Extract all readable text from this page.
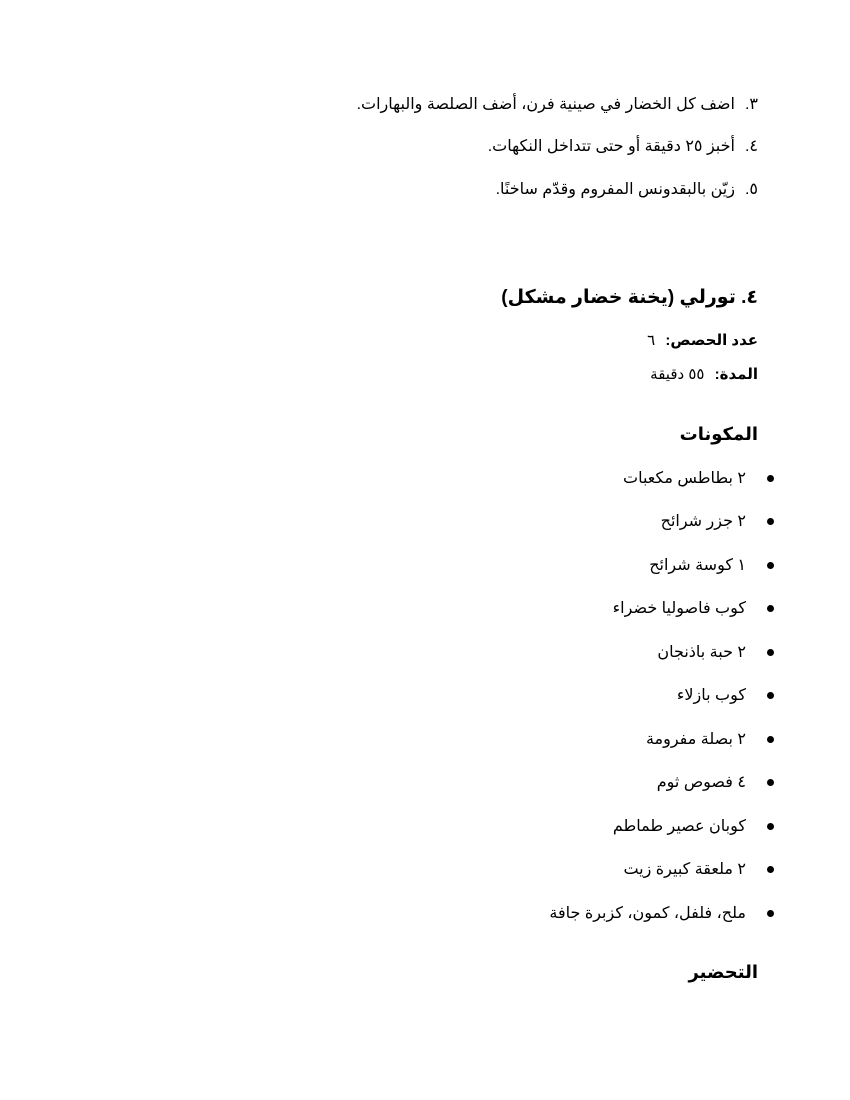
٣.
اضف كل الخضار في صينية فرن، أضف الصلصة والبهارات.
٤.
أخبز ٢٥ دقيقة أو حتى تتداخل النكهات.
٥.
زيّن بالبقدونس المفروم وقدّم ساخنًا.
٤. تورلي (يخنة خضار مشكل)
عدد الحصص: ٦
المدة: ٥٥ دقيقة
المكونات
٢ بطاطس مكعبات
٢ جزر شرائح
١ كوسة شرائح
كوب فاصوليا خضراء
٢ حبة باذنجان
كوب بازلاء
٢ بصلة مفرومة
٤ فصوص ثوم
كوبان عصير طماطم
٢ ملعقة كبيرة زيت
ملح، فلفل، كمون، كزبرة جافة
التحضير
